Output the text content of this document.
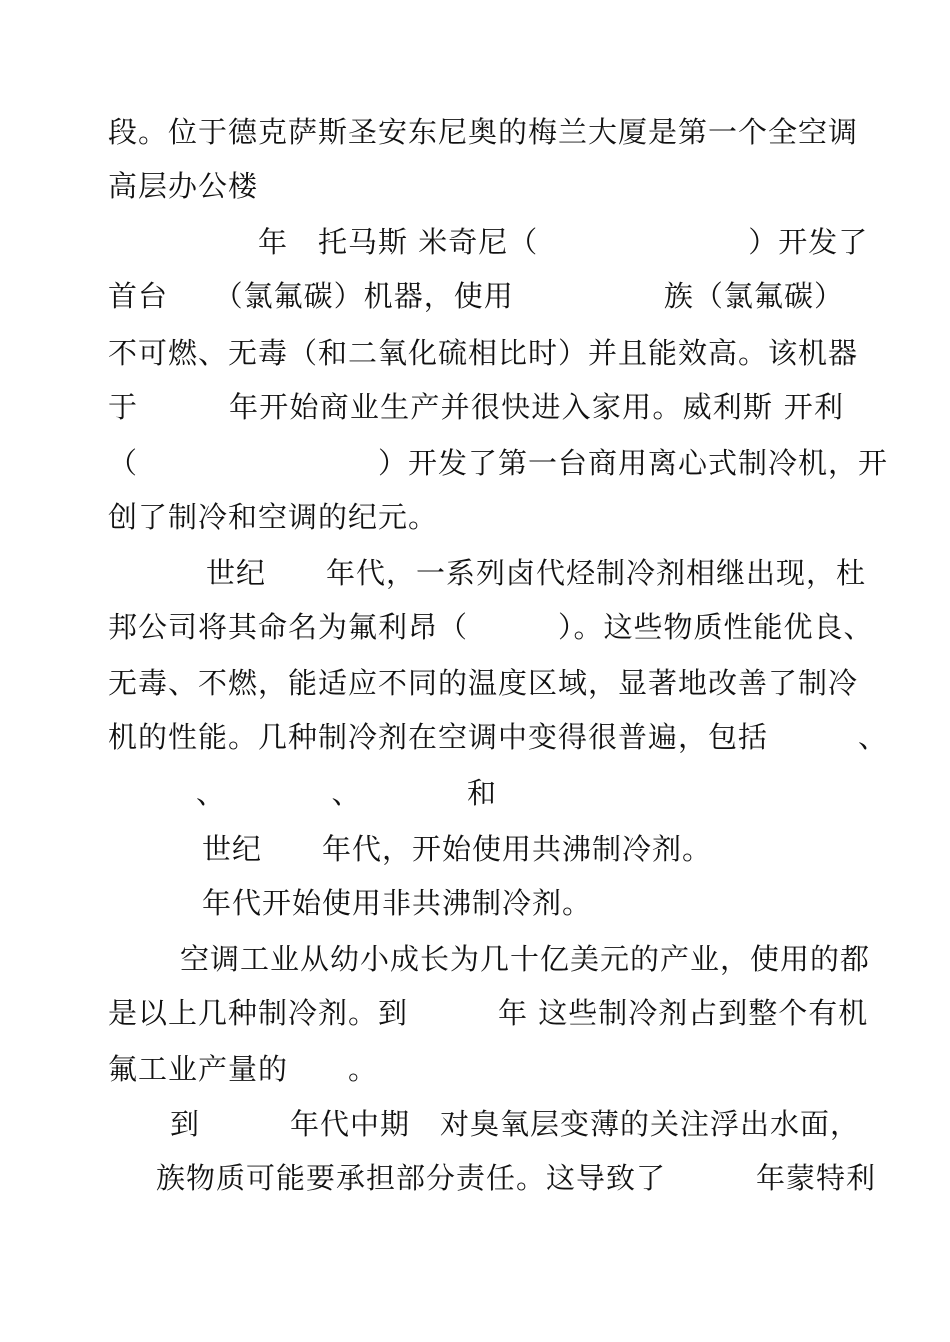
段。位于德克萨斯圣安东尼奥的梅兰大厦是第一个全空调
高层办公楼
年　托马斯 米奇尼（　　　　　　　）开发了
首台　　（氯氟碳）机器，使用　　　　　族（氯氟碳）
不可燃、无毒（和二氧化硫相比时）并且能效高。该机器
于　　　年开始商业生产并很快进入家用。威利斯 开利
（　　　　　　　　）开发了第一台商用离心式制冷机，开
创了制冷和空调的纪元。
世纪　　年代，一系列卤代烃制冷剂相继出现，杜
邦公司将其命名为氟利昂（　　　）。这些物质性能优良、
无毒、不燃，能适应不同的温度区域，显著地改善了制冷
机的性能。几种制冷剂在空调中变得很普遍，包括　　　、
、　　　　、　　　　和
世纪　　年代，开始使用共沸制冷剂。
年代开始使用非共沸制冷剂。
空调工业从幼小成长为几十亿美元的产业，使用的都
是以上几种制冷剂。到　　　年 这些制冷剂占到整个有机
氟工业产量的　　。
到　　　年代中期　对臭氧层变薄的关注浮出水面，
族物质可能要承担部分责任。这导致了　　　年蒙特利
